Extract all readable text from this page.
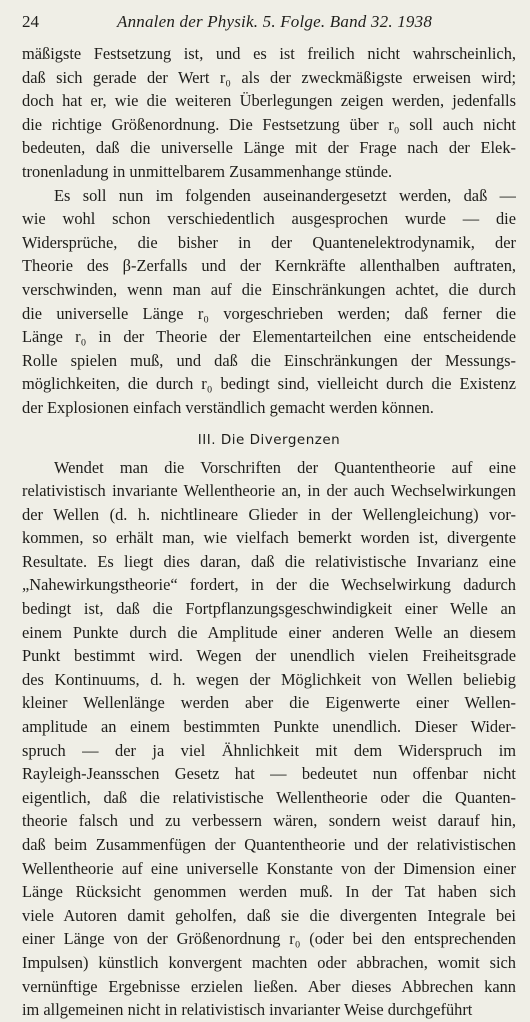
24	Annalen der Physik. 5. Folge. Band 32. 1938
mäßigste Festsetzung ist, und es ist freilich nicht wahrscheinlich,
daß sich gerade der Wert r₀ als der zweckmäßigste erweisen wird;
doch hat er, wie die weiteren Überlegungen zeigen werden, jedenfalls
die richtige Größenordnung. Die Festsetzung über r₀ soll auch nicht
bedeuten, daß die universelle Länge mit der Frage nach der Elek-
tronenladung in unmittelbarem Zusammenhange stünde.
Es soll nun im folgenden auseinandergesetzt werden, daß —
wie wohl schon verschiedentlich ausgesprochen wurde — die
Widersprüche, die bisher in der Quantenelektrodynamik, der
Theorie des β-Zerfalls und der Kernkräfte allenthalben auftraten,
verschwinden, wenn man auf die Einschränkungen achtet, die durch
die universelle Länge r₀ vorgeschrieben werden; daß ferner die
Länge r₀ in der Theorie der Elementarteilchen eine entscheidende
Rolle spielen muß, und daß die Einschränkungen der Messungs-
möglichkeiten, die durch r₀ bedingt sind, vielleicht durch die Existenz
der Explosionen einfach verständlich gemacht werden können.
III. Die Divergenzen
Wendet man die Vorschriften der Quantentheorie auf eine
relativistisch invariante Wellentheorie an, in der auch Wechselwirkungen
der Wellen (d. h. nichtlineare Glieder in der Wellengleichung) vor-
kommen, so erhält man, wie vielfach bemerkt worden ist, divergente
Resultate. Es liegt dies daran, daß die relativistische Invarianz eine
„Nahewirkungstheorie“ fordert, in der die Wechselwirkung dadurch
bedingt ist, daß die Fortpflanzungsgeschwindigkeit einer Welle an
einem Punkte durch die Amplitude einer anderen Welle an diesem
Punkt bestimmt wird. Wegen der unendlich vielen Freiheitsgrade
des Kontinuums, d. h. wegen der Möglichkeit von Wellen beliebig
kleiner Wellenlänge werden aber die Eigenwerte einer Wellen-
amplitude an einem bestimmten Punkte unendlich. Dieser Wider-
spruch — der ja viel Ähnlichkeit mit dem Widerspruch im
Rayleigh-Jeansschen Gesetz hat — bedeutet nun offenbar nicht
eigentlich, daß die relativistische Wellentheorie oder die Quanten-
theorie falsch und zu verbessern wären, sondern weist darauf hin,
daß beim Zusammenfügen der Quantentheorie und der relativistischen
Wellentheorie auf eine universelle Konstante von der Dimension einer
Länge Rücksicht genommen werden muß. In der Tat haben sich
viele Autoren damit geholfen, daß sie die divergenten Integrale bei
einer Länge von der Größenordnung r₀ (oder bei den entsprechenden
Impulsen) künstlich konvergent machten oder abbrachen, womit sich
vernünftige Ergebnisse erzielen ließen. Aber dieses Abbrechen kann
im allgemeinen nicht in relativistisch invarianter Weise durchgeführt
